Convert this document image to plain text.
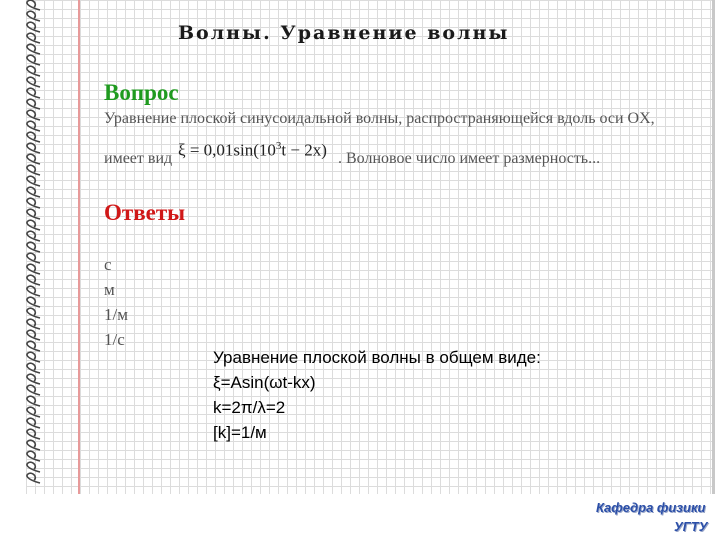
Волны. Уравнение волны
Вопрос
Уравнение плоской синусоидальной волны, распространяющейся вдоль оси OX,
имеет вид $\xi = 0,01\sin(10^3t - 2x)$ . Волновое число имеет размерность...
Ответы
с
м
1/м
1/с
Уравнение плоской волны в общем виде:
ξ=Asin(ωt-kx)
k=2π/λ=2
[k]=1/м
Кафедра физики
УГТУ
